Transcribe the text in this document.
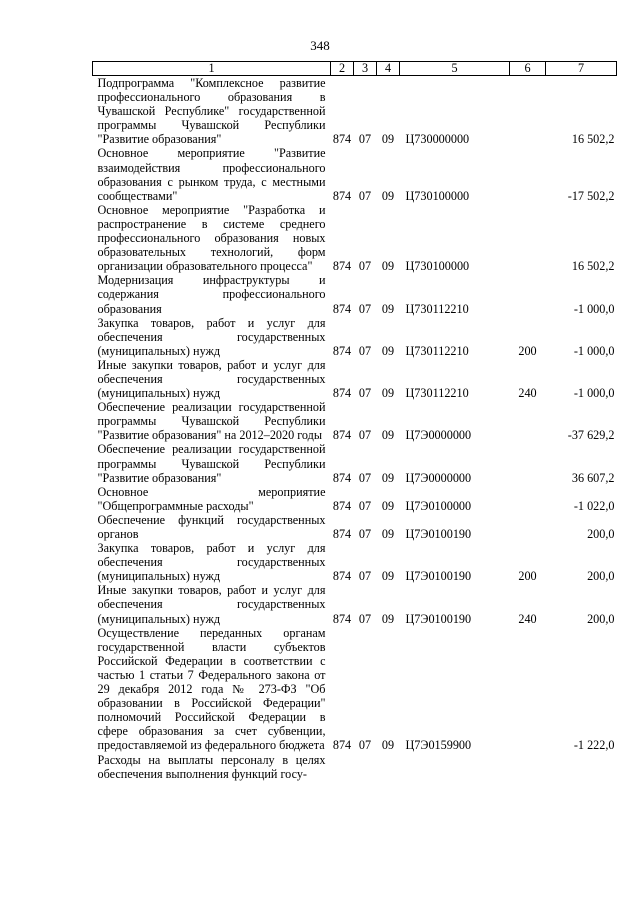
348
1	2	3	4	5	6	7
Подпрограмма "Комплексное развитие профессионального образования в Чувашской Республике" государственной программы Чувашской Республики "Развитие образования"	874	07	09	Ц730000000		16 502,2
Основное мероприятие "Развитие взаимодействия профессионального образования с рынком труда, с местными сообществами"	874	07	09	Ц730100000		-17 502,2
Основное мероприятие "Разработка и распространение в системе среднего профессионального образования новых образовательных технологий, форм организации образовательного процесса"	874	07	09	Ц730100000		16 502,2
Модернизация инфраструктуры и содержания профессионального образования	874	07	09	Ц730112210		-1 000,0
Закупка товаров, работ и услуг для обеспечения государственных (муниципальных) нужд	874	07	09	Ц730112210	200	-1 000,0
Иные закупки товаров, работ и услуг для обеспечения государственных (муниципальных) нужд	874	07	09	Ц730112210	240	-1 000,0
Обеспечение реализации государственной программы Чувашской Республики "Развитие образования" на 2012–2020 годы	874	07	09	Ц7Э0000000		-37 629,2
Обеспечение реализации государственной программы Чувашской Республики "Развитие образования"	874	07	09	Ц7Э0000000		36 607,2
Основное мероприятие "Общепрограммные расходы"	874	07	09	Ц7Э0100000		-1 022,0
Обеспечение функций государственных органов	874	07	09	Ц7Э0100190		200,0
Закупка товаров, работ и услуг для обеспечения государственных (муниципальных) нужд	874	07	09	Ц7Э0100190	200	200,0
Иные закупки товаров, работ и услуг для обеспечения государственных (муниципальных) нужд	874	07	09	Ц7Э0100190	240	200,0
Осуществление переданных органам государственной власти субъектов Российской Федерации в соответствии с частью 1 статьи 7 Федерального закона от 29 декабря 2012 года № 273-ФЗ "Об образовании в Российской Федерации" полномочий Российской Федерации в сфере образования за счет субвенции, предоставляемой из федерального бюджета	874	07	09	Ц7Э0159900		-1 222,0
Расходы на выплаты персоналу в целях обеспечения выполнения функций госу-						
